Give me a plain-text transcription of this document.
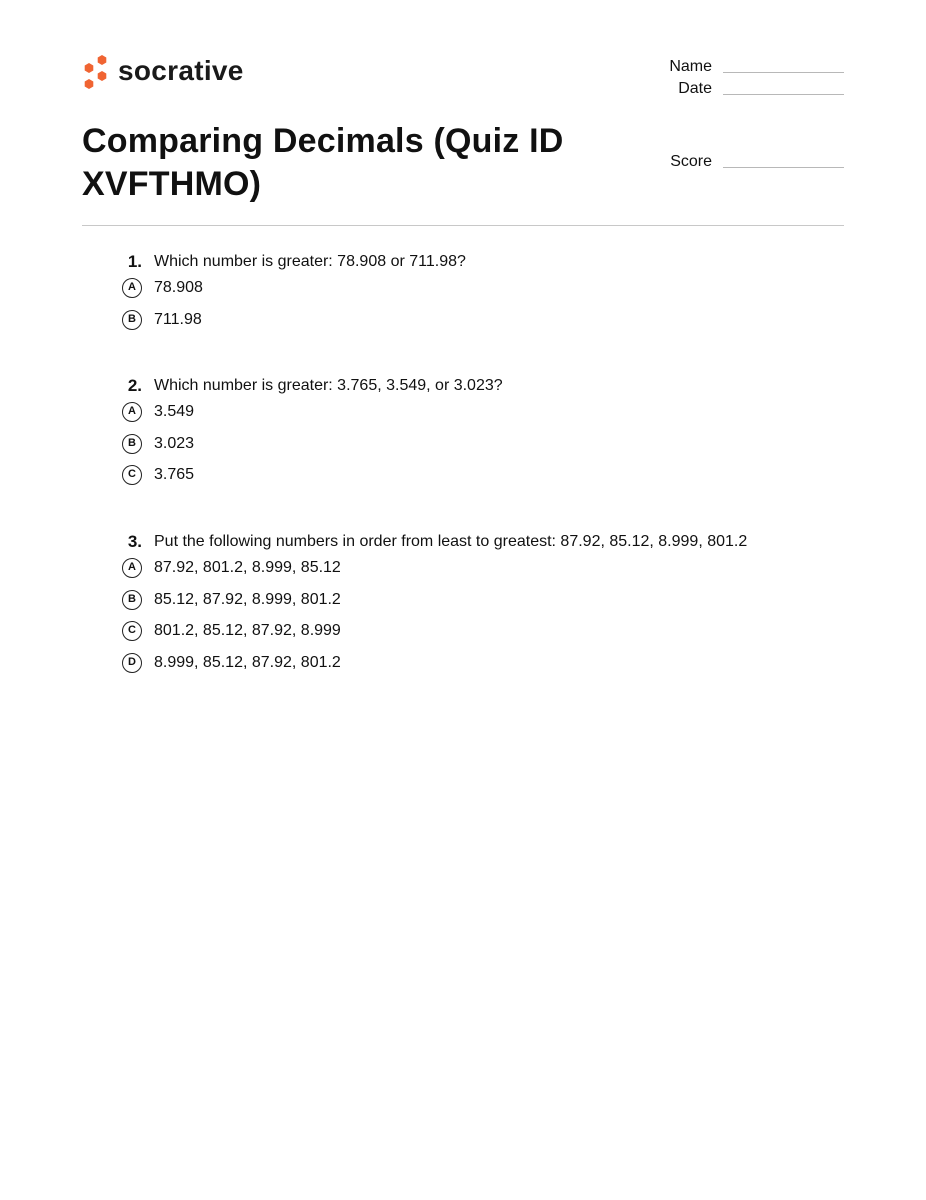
socrative	Name
Date
Score
Comparing Decimals (Quiz ID XVFTHMO)
1. Which number is greater: 78.908 or 711.98?
A	78.908
B	711.98
2. Which number is greater: 3.765, 3.549, or 3.023?
A	3.549
B	3.023
C	3.765
3. Put the following numbers in order from least to greatest: 87.92, 85.12, 8.999, 801.2
A	87.92, 801.2, 8.999, 85.12
B	85.12, 87.92, 8.999, 801.2
C	801.2, 85.12, 87.92, 8.999
D	8.999, 85.12, 87.92, 801.2
